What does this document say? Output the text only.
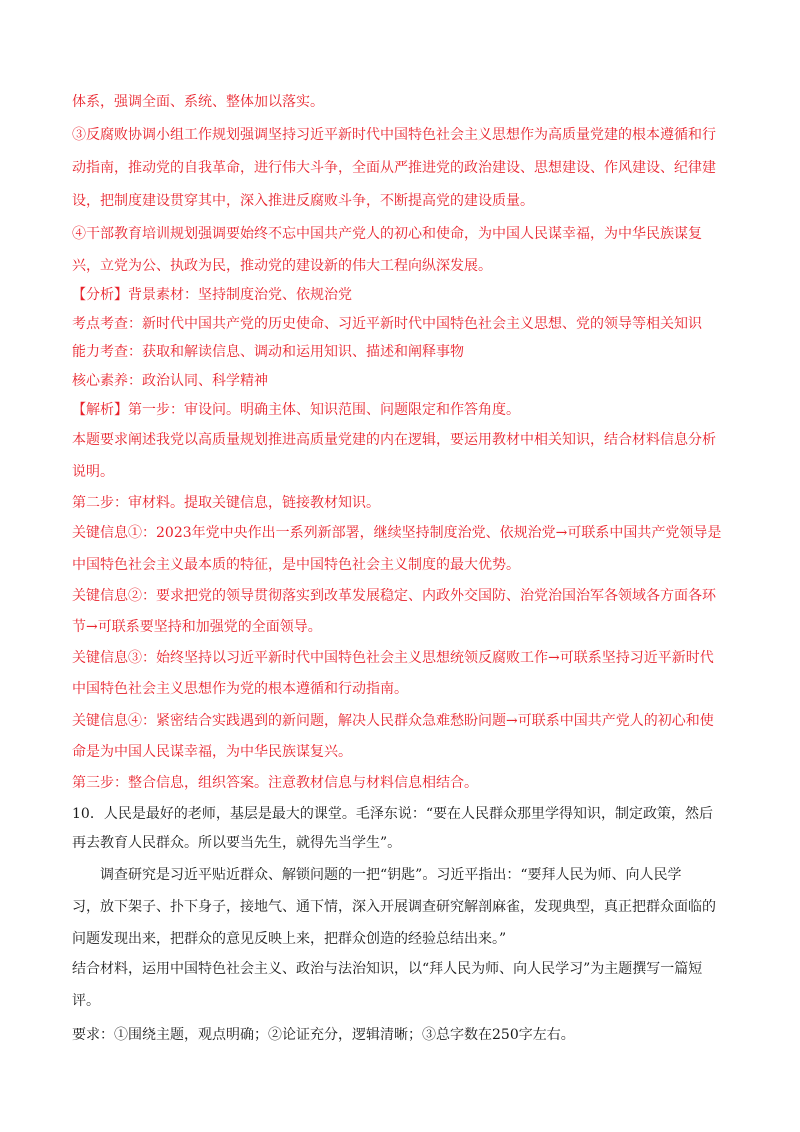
体系，强调全面、系统、整体加以落实。
③反腐败协调小组工作规划强调坚持习近平新时代中国特色社会主义思想作为高质量党建的根本遵循和行
动指南，推动党的自我革命，进行伟大斗争，全面从严推进党的政治建设、思想建设、作风建设、纪律建
设，把制度建设贯穿其中，深入推进反腐败斗争，不断提高党的建设质量。
④干部教育培训规划强调要始终不忘中国共产党人的初心和使命，为中国人民谋幸福，为中华民族谋复
兴，立党为公、执政为民，推动党的建设新的伟大工程向纵深发展。
【分析】背景素材：坚持制度治党、依规治党
考点考查：新时代中国共产党的历史使命、习近平新时代中国特色社会主义思想、党的领导等相关知识
能力考查：获取和解读信息、调动和运用知识、描述和阐释事物
核心素养：政治认同、科学精神
【解析】第一步：审设问。明确主体、知识范围、问题限定和作答角度。
本题要求阐述我党以高质量规划推进高质量党建的内在逻辑，要运用教材中相关知识，结合材料信息分析
说明。
第二步：审材料。提取关键信息，链接教材知识。
关键信息①：2023年党中央作出一系列新部署，继续坚持制度治党、依规治党→可联系中国共产党领导是
中国特色社会主义最本质的特征，是中国特色社会主义制度的最大优势。
关键信息②：要求把党的领导贯彻落实到改革发展稳定、内政外交国防、治党治国治军各领域各方面各环
节→可联系要坚持和加强党的全面领导。
关键信息③：始终坚持以习近平新时代中国特色社会主义思想统领反腐败工作→可联系坚持习近平新时代
中国特色社会主义思想作为党的根本遵循和行动指南。
关键信息④：紧密结合实践遇到的新问题，解决人民群众急难愁盼问题→可联系中国共产党人的初心和使
命是为中国人民谋幸福，为中华民族谋复兴。
第三步：整合信息，组织答案。注意教材信息与材料信息相结合。
10．人民是最好的老师，基层是最大的课堂。毛泽东说：“要在人民群众那里学得知识，制定政策，然后
再去教育人民群众。所以要当先生，就得先当学生”。
调查研究是习近平贴近群众、解锁问题的一把“钥匙”。习近平指出：“要拜人民为师、向人民学
习，放下架子、扑下身子，接地气、通下情，深入开展调查研究解剖麻雀，发现典型，真正把群众面临的
问题发现出来，把群众的意见反映上来，把群众创造的经验总结出来。”
结合材料，运用中国特色社会主义、政治与法治知识，以“拜人民为师、向人民学习”为主题撰写一篇短
评。
要求：①围绕主题，观点明确；②论证充分，逻辑清晰；③总字数在250字左右。
